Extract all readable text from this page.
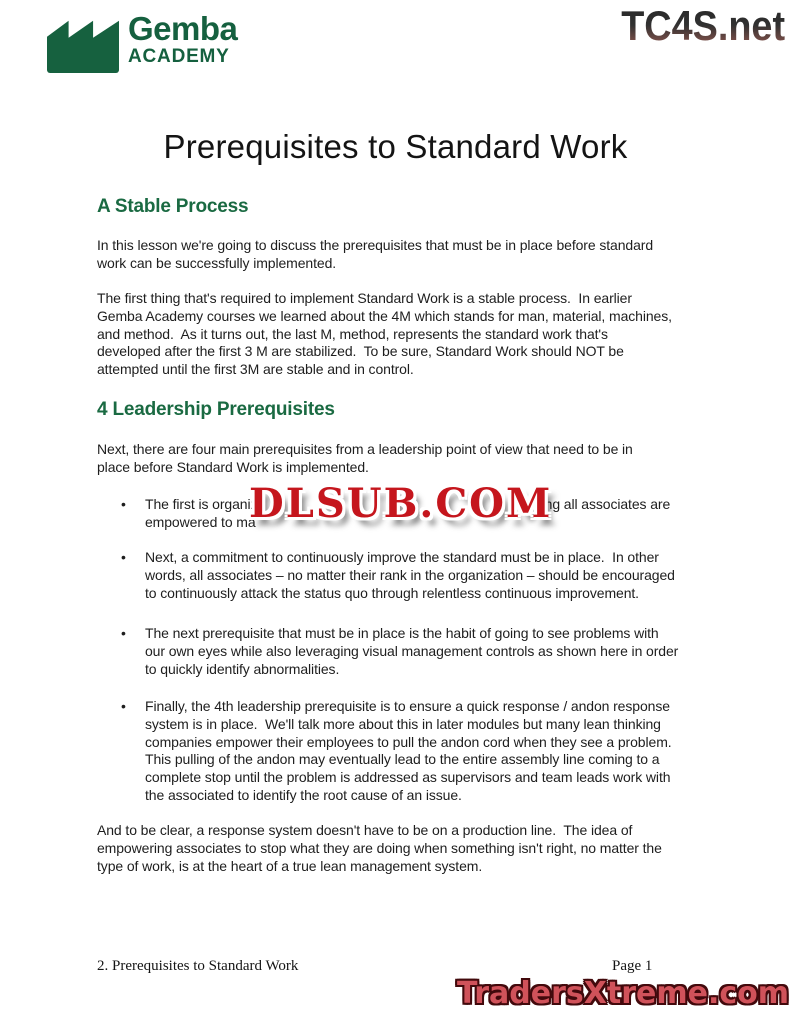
Gemba
ACADEMY
TC4S.net
Prerequisites to Standard Work
A Stable Process
In this lesson we're going to discuss the prerequisites that must be in place before standard
work can be successfully implemented.
The first thing that's required to implement Standard Work is a stable process.  In earlier
Gemba Academy courses we learned about the 4M which stands for man, material, machines,
and method.  As it turns out, the last M, method, represents the standard work that's
developed after the first 3 M are stabilized.  To be sure, Standard Work should NOT be
attempted until the first 3M are stable and in control.
4 Leadership Prerequisites
Next, there are four main prerequisites from a leadership point of view that need to be in
place before Standard Work is implemented.
•	The first is organiz	uring all associates are
empowered to ma
•	Next, a commitment to continuously improve the standard must be in place.  In other
words, all associates – no matter their rank in the organization – should be encouraged
to continuously attack the status quo through relentless continuous improvement.
•	The next prerequisite that must be in place is the habit of going to see problems with
our own eyes while also leveraging visual management controls as shown here in order
to quickly identify abnormalities.
•	Finally, the 4th leadership prerequisite is to ensure a quick response / andon response
system is in place.  We'll talk more about this in later modules but many lean thinking
companies empower their employees to pull the andon cord when they see a problem.
This pulling of the andon may eventually lead to the entire assembly line coming to a
complete stop until the problem is addressed as supervisors and team leads work with
the associated to identify the root cause of an issue.
And to be clear, a response system doesn't have to be on a production line.  The idea of
empowering associates to stop what they are doing when something isn't right, no matter the
type of work, is at the heart of a true lean management system.
DLSUB.COM
2. Prerequisites to Standard Work	Page 1
TradersXtreme.com
